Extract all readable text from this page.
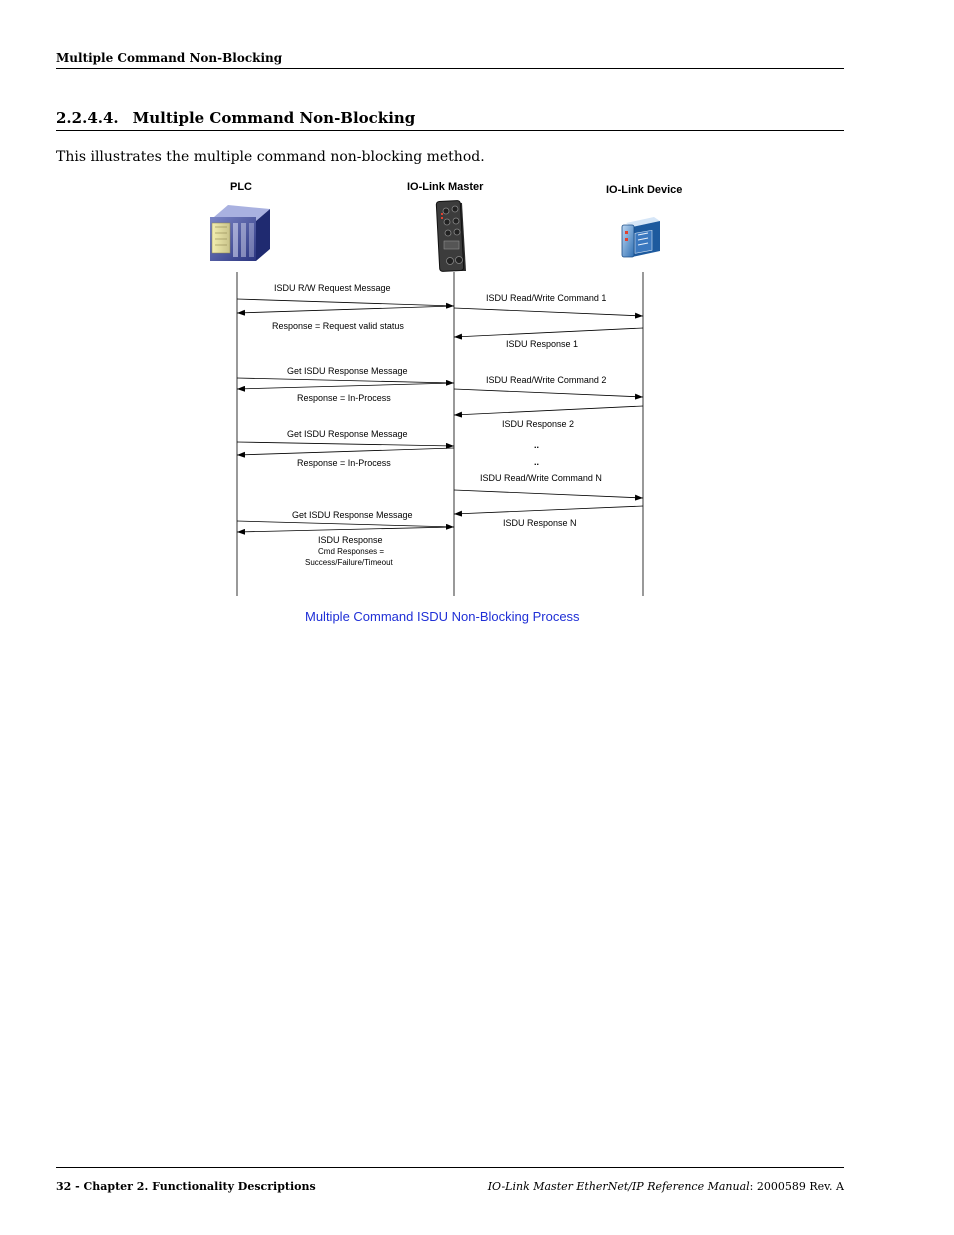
Multiple Command Non-Blocking
2.2.4.4. Multiple Command Non-Blocking
This illustrates the multiple command non-blocking method.
PLC	IO-Link Master	IO-Link Device
ISDU R/W Request Message
ISDU Read/Write Command 1
Response = Request valid status
ISDU Response 1
Get ISDU Response Message
ISDU Read/Write Command 2
Response = In-Process
ISDU Response 2
Get ISDU Response Message
..
Response = In-Process	..
ISDU Read/Write Command N
Get ISDU Response Message
ISDU Response N
ISDU Response
Cmd Responses =
Success/Failure/Timeout
Multiple Command ISDU Non-Blocking Process
32 - Chapter 2. Functionality Descriptions	IO-Link Master EtherNet/IP Reference Manual: 2000589 Rev. A
